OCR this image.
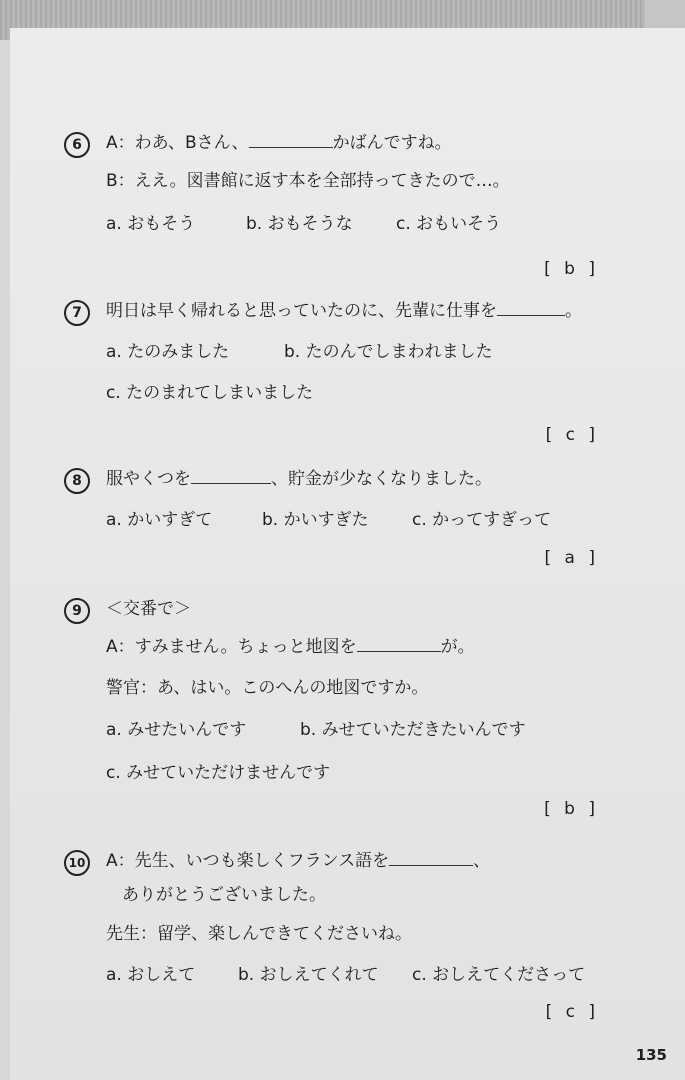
6	A：わあ、Bさん、	かばんですね。
B：ええ。図書館に返す本を全部持ってきたので…。
a. おもそう	b. おもそうな	c. おもいそう
[ b ]
7	明日は早く帰れると思っていたのに、先輩に仕事を	。
a. たのみました	b. たのんでしまわれました
c. たのまれてしまいました
[ c ]
8	服やくつを	、貯金が少なくなりました。
a. かいすぎて	b. かいすぎた	c. かってすぎって
[ a ]
9	＜交番で＞
A：すみません。ちょっと地図を	が。
警官：あ、はい。このへんの地図ですか。
a. みせたいんです	b. みせていただきたいんです
c. みせていただけませんです
[ b ]
10 A：先生、いつも楽しくフランス語を	、
ありがとうございました。
先生：留学、楽しんできてくださいね。
a. おしえて	b. おしえてくれて c. おしえてくださって
[ c ]
135
